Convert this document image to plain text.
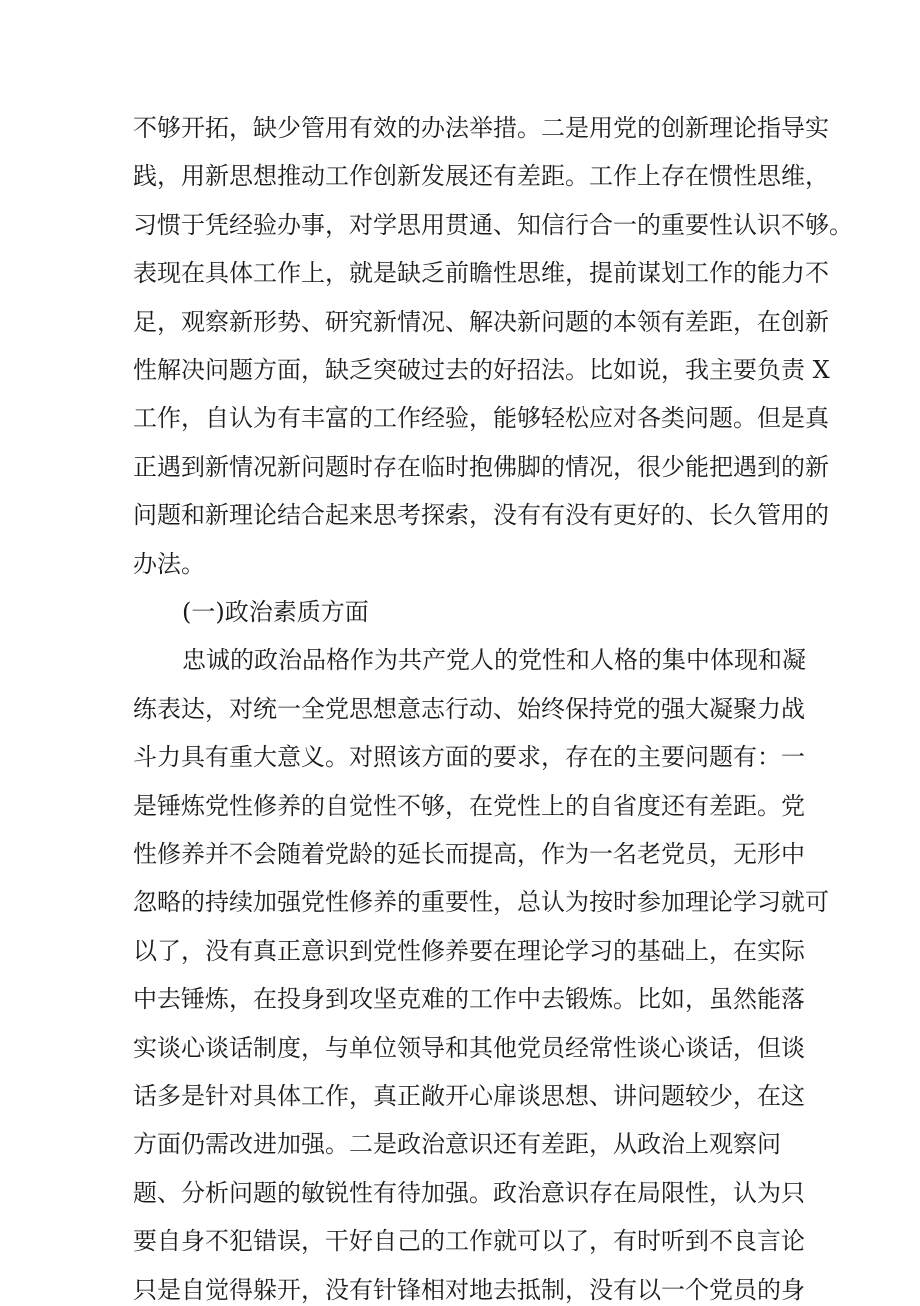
不够开拓，缺少管用有效的办法举措。二是用党的创新理论指导实

践，用新思想推动工作创新发展还有差距。工作上存在惯性思维，

习惯于凭经验办事，对学思用贯通、知信行合一的重要性认识不够。

表现在具体工作上，就是缺乏前瞻性思维，提前谋划工作的能力不

足，观察新形势、研究新情况、解决新问题的本领有差距，在创新

性解决问题方面，缺乏突破过去的好招法。比如说，我主要负责 X

工作，自认为有丰富的工作经验，能够轻松应对各类问题。但是真

正遇到新情况新问题时存在临时抱佛脚的情况，很少能把遇到的新

问题和新理论结合起来思考探索，没有有没有更好的、长久管用的

办法。

(一)政治素质方面

忠诚的政治品格作为共产党人的党性和人格的集中体现和凝

练表达，对统一全党思想意志行动、始终保持党的强大凝聚力战

斗力具有重大意义。对照该方面的要求，存在的主要问题有：一

是锤炼党性修养的自觉性不够，在党性上的自省度还有差距。党

性修养并不会随着党龄的延长而提高，作为一名老党员，无形中

忽略的持续加强党性修养的重要性，总认为按时参加理论学习就可

以了，没有真正意识到党性修养要在理论学习的基础上，在实际

中去锤炼，在投身到攻坚克难的工作中去锻炼。比如，虽然能落

实谈心谈话制度，与单位领导和其他党员经常性谈心谈话，但谈

话多是针对具体工作，真正敞开心扉谈思想、讲问题较少，在这

方面仍需改进加强。二是政治意识还有差距，从政治上观察问

题、分析问题的敏锐性有待加强。政治意识存在局限性，认为只

要自身不犯错误，干好自己的工作就可以了，有时听到不良言论

只是自觉得躲开，没有针锋相对地去抵制，没有以一个党员的身
